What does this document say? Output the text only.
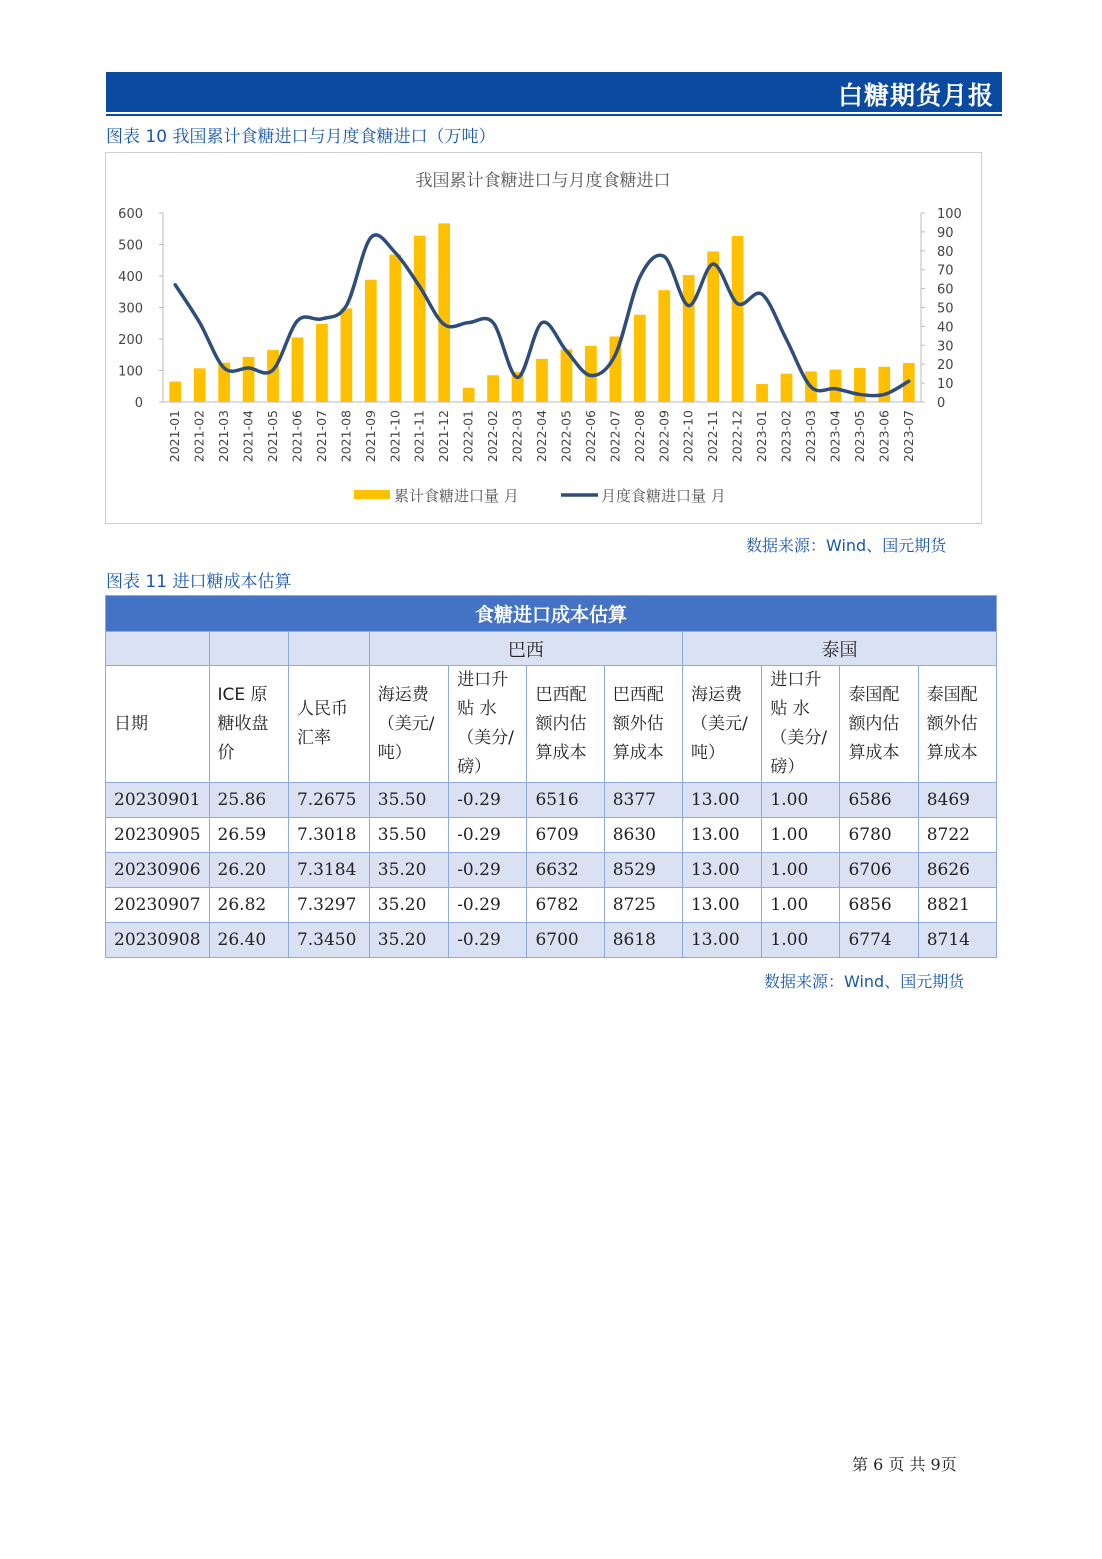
白糖期货月报
图表 10 我国累计食糖进口与月度食糖进口（万吨）
我国累计食糖进口与月度食糖进口
0
100
200
300
400
500
600
0
10
20
30
40
50
60
70
80
90
100
2021-01 2021-02 2021-03 2021-04 2021-05 2021-06 2021-07 2021-08 2021-09 2021-10 2021-11 2021-12 2022-01 2022-02 2022-03 2022-04 2022-05 2022-06 2022-07 2022-08 2022-09 2022-10 2022-11 2022-12 2023-01 2023-02 2023-03 2023-04 2023-05 2023-06 2023-07
累计食糖进口量 月	月度食糖进口量 月
数据来源：Wind、国元期货
图表 11 进口糖成本估算
食糖进口成本估算										
			巴西				泰国			
日期	ICE 原糖收盘价	人民币汇率	海运费（美元/吨）	进口升贴 水（美分/磅）	巴西配额内估算成本	巴西配额外估算成本	海运费（美元/吨）	进口升贴 水（美分/磅）	泰国配额内估算成本	泰国配额外估算成本
20230901	25.86	7.2675	35.50	-0.29	6516	8377	13.00	1.00	6586	8469
20230905	26.59	7.3018	35.50	-0.29	6709	8630	13.00	1.00	6780	8722
20230906	26.20	7.3184	35.20	-0.29	6632	8529	13.00	1.00	6706	8626
20230907	26.82	7.3297	35.20	-0.29	6782	8725	13.00	1.00	6856	8821
20230908	26.40	7.3450	35.20	-0.29	6700	8618	13.00	1.00	6774	8714
数据来源：Wind、国元期货
第 6 页 共 9页
